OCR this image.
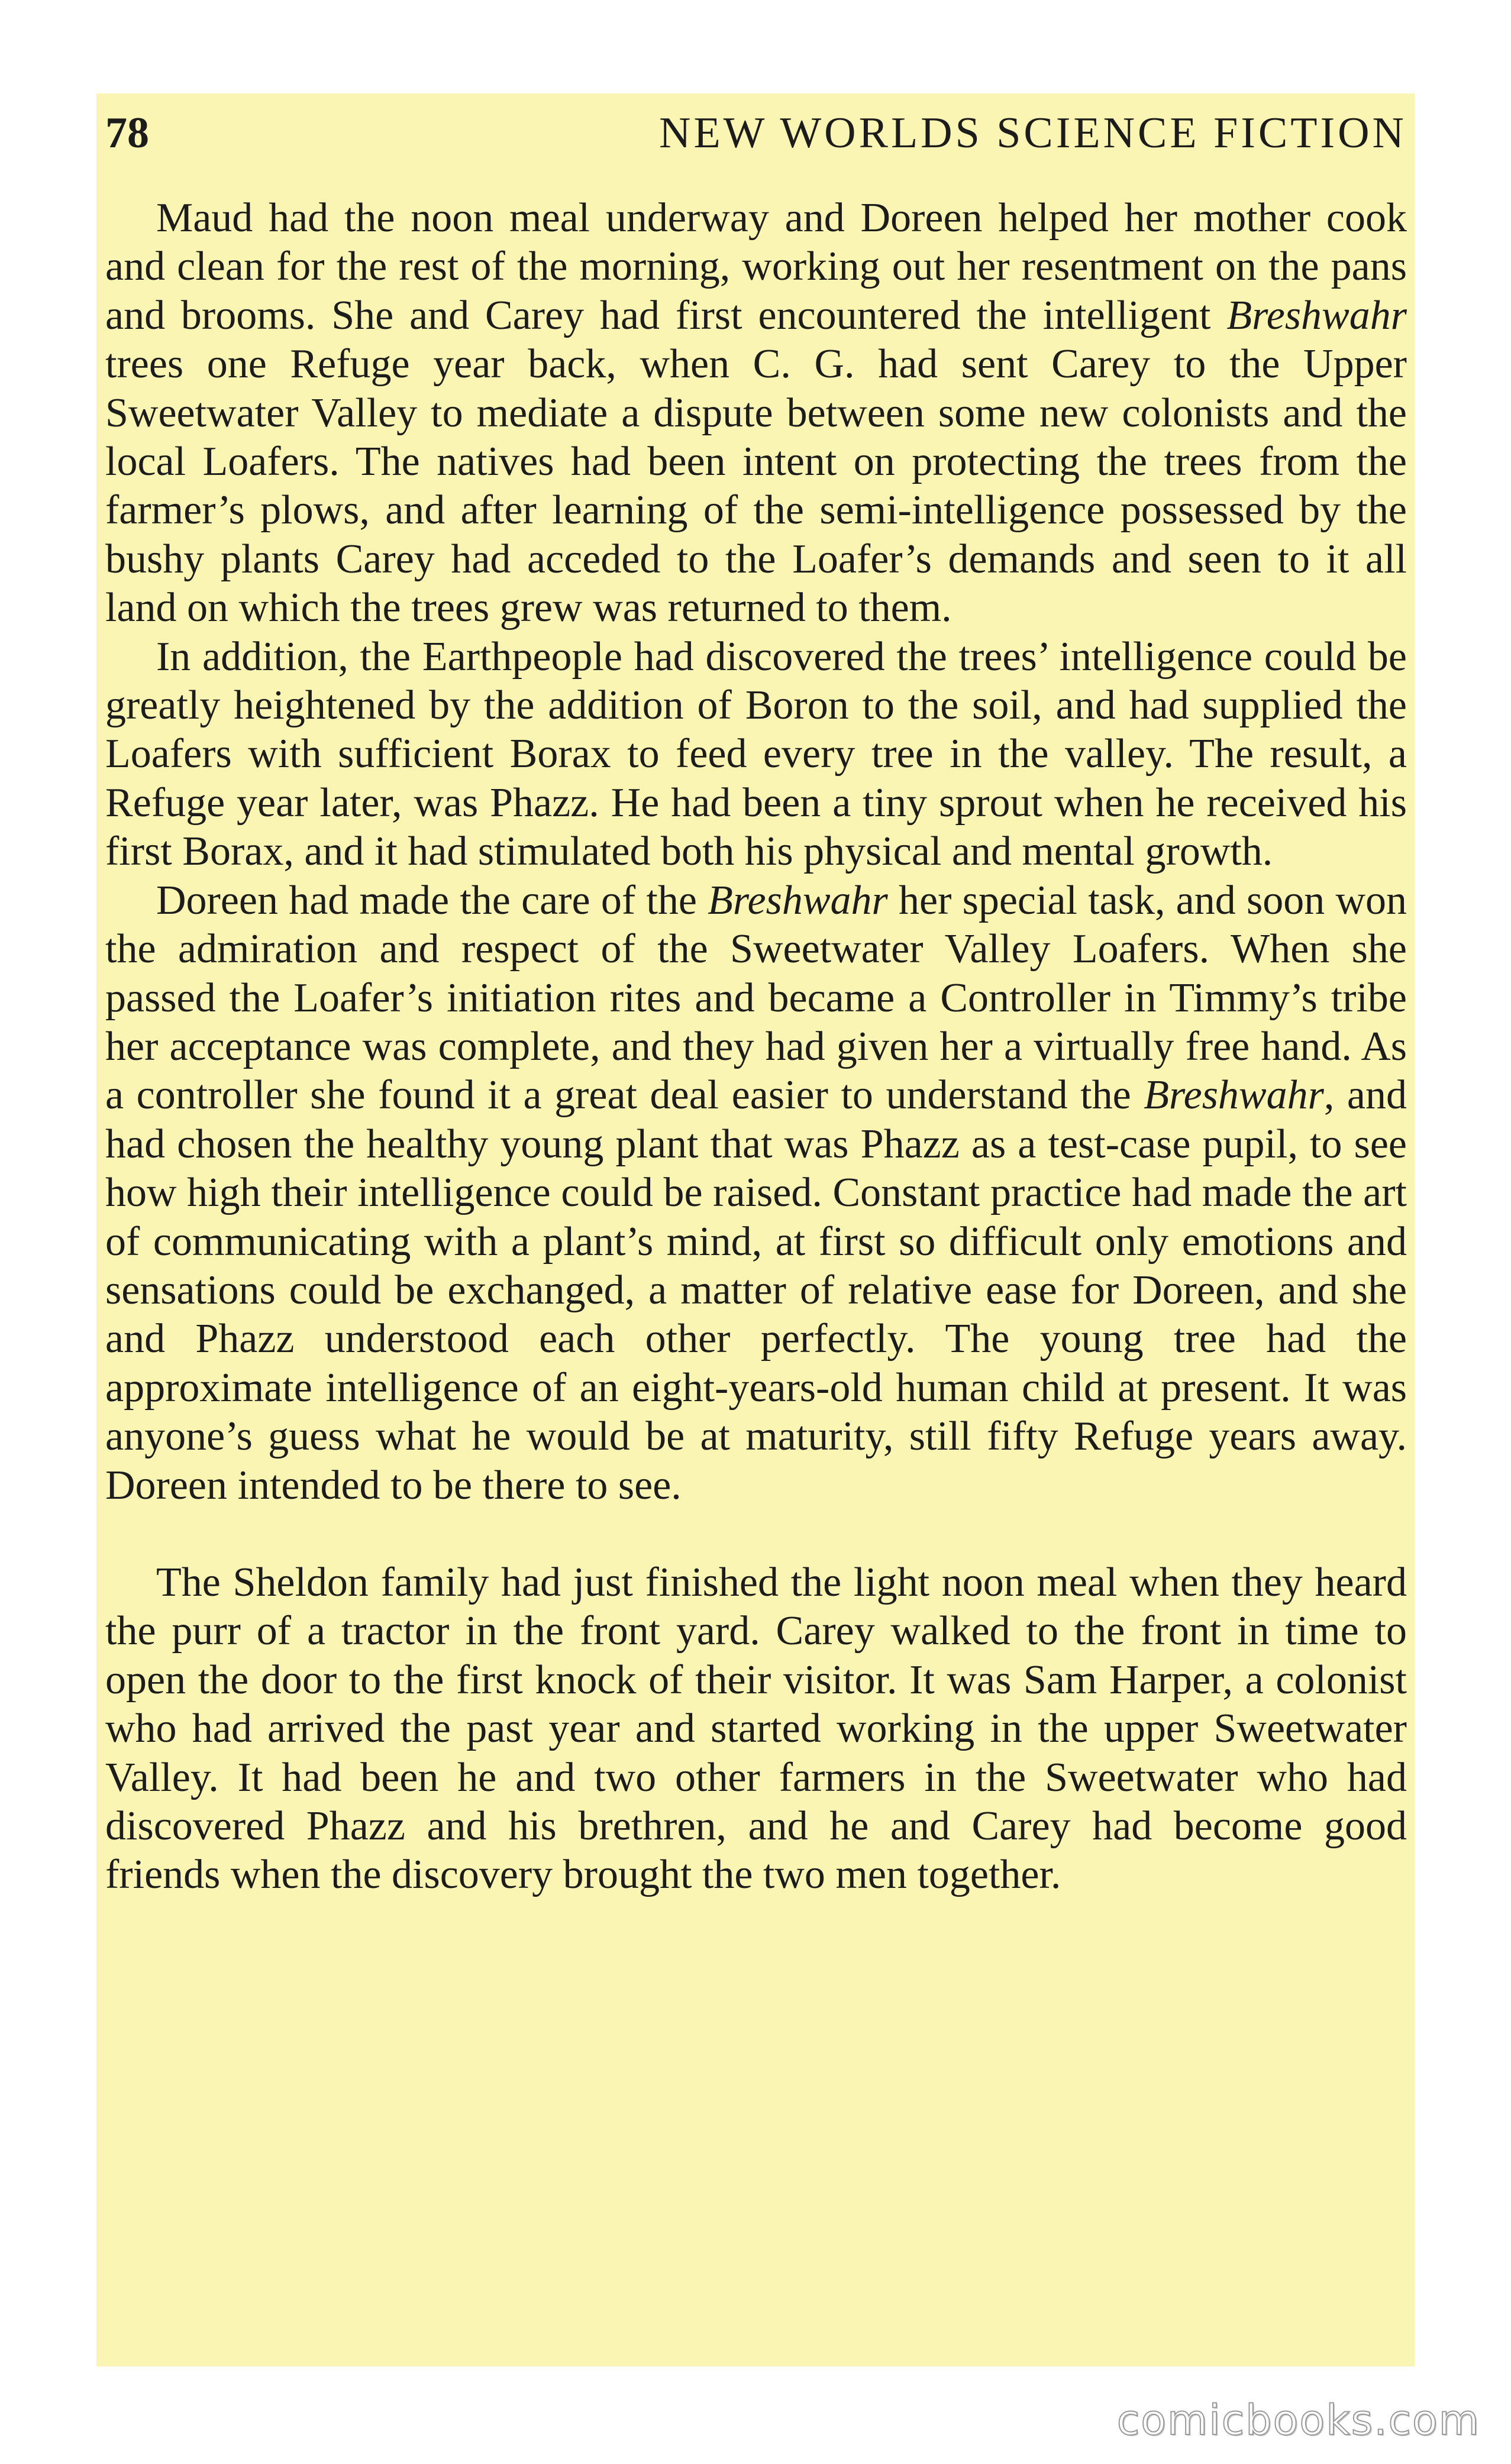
78	NEW WORLDS SCIENCE FICTION

Maud had the noon meal underway and Doreen helped her mother cook and clean for the rest of the morning, working out her resentment on the pans and brooms. She and Carey had first encountered the intelligent Breshwahr trees one Refuge year back, when C. G. had sent Carey to the Upper Sweetwater Valley to mediate a dispute between some new colonists and the local Loafers. The natives had been intent on protecting the trees from the farmer’s plows, and after learning of the semi-intelligence possessed by the bushy plants Carey had acceded to the Loafer’s demands and seen to it all land on which the trees grew was returned to them.

In addition, the Earthpeople had discovered the trees’ intelligence could be greatly heightened by the addition of Boron to the soil, and had supplied the Loafers with sufficient Borax to feed every tree in the valley. The result, a Refuge year later, was Phazz. He had been a tiny sprout when he received his first Borax, and it had stimulated both his physical and mental growth.

Doreen had made the care of the Breshwahr her special task, and soon won the admiration and respect of the Sweetwater Valley Loafers. When she passed the Loafer’s initiation rites and became a Controller in Timmy’s tribe her acceptance was complete, and they had given her a virtually free hand. As a controller she found it a great deal easier to understand the Breshwahr, and had chosen the healthy young plant that was Phazz as a test-case pupil, to see how high their intelligence could be raised. Constant practice had made the art of communicating with a plant’s mind, at first so difficult only emotions and sensations could be exchanged, a matter of relative ease for Doreen, and she and Phazz understood each other perfectly. The young tree had the approximate intelligence of an eight-years-old human child at present. It was anyone’s guess what he would be at maturity, still fifty Refuge years away. Doreen intended to be there to see.

The Sheldon family had just finished the light noon meal when they heard the purr of a tractor in the front yard. Carey walked to the front in time to open the door to the first knock of their visitor. It was Sam Harper, a colonist who had arrived the past year and started working in the upper Sweetwater Valley. It had been he and two other farmers in the Sweetwater who had discovered Phazz and his brethren, and he and Carey had become good friends when the discovery brought the two men together.

comicbooks.com
